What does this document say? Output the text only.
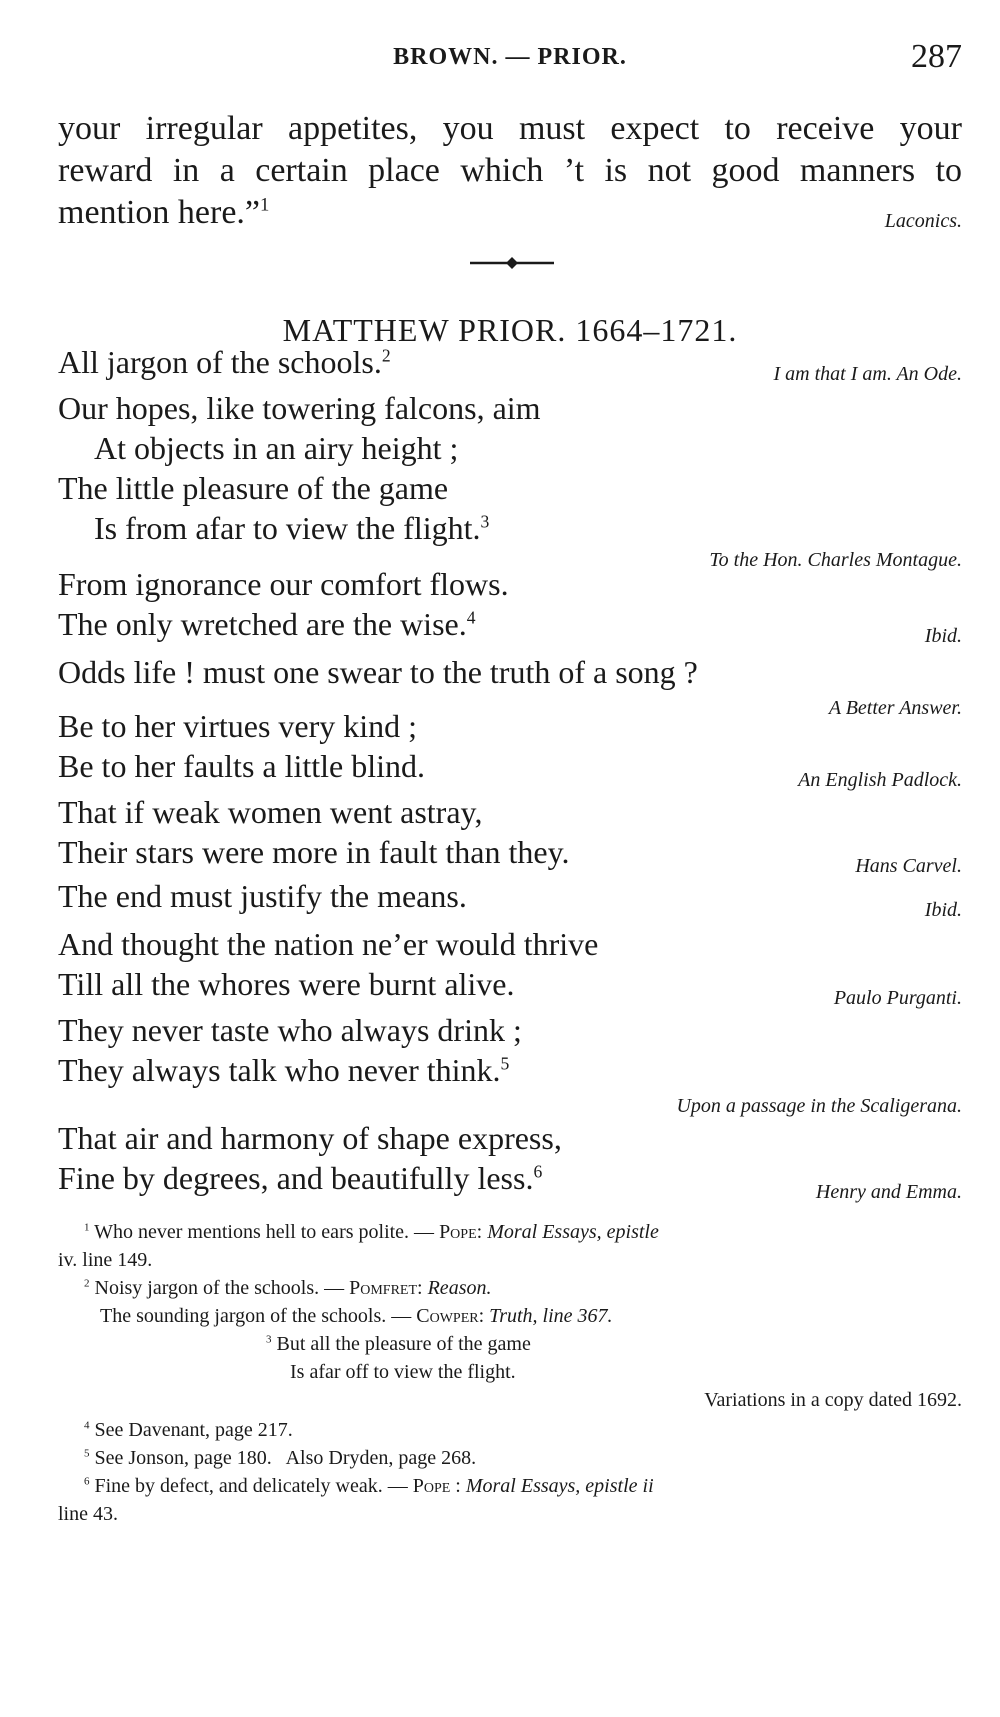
BROWN. — PRIOR.	287
your irregular appetites, you must expect to receive your
reward in a certain place which ’t is not good manners to
mention here.”$^1$
Laconics.
MATTHEW PRIOR. 1664–1721.
All jargon of the schools.$^2$
I am that I am. An Ode.
Our hopes, like towering falcons, aim
At objects in an airy height ;
The little pleasure of the game
Is from afar to view the flight.$^3$
To the Hon. Charles Montague.
From ignorance our comfort flows.
The only wretched are the wise.$^4$
Ibid.
Odds life ! must one swear to the truth of a song ?
A Better Answer.
Be to her virtues very kind ;
Be to her faults a little blind.	An English Padlock.
That if weak women went astray,
Their stars were more in fault than they.	Hans Carvel.
The end must justify the means.	Ibid.
And thought the nation ne’er would thrive
Till all the whores were burnt alive.	Paulo Purganti.
They never taste who always drink ;
They always talk who never think.$^5$
Upon a passage in the Scaligerana.
That air and harmony of shape express,
Fine by degrees, and beautifully less.$^6$
Henry and Emma.
$^1$ Who never mentions hell to ears polite. — Pope: Moral Essays, epistle
iv. line 149.
$^2$ Noisy jargon of the schools. — Pomfret: Reason.
The sounding jargon of the schools. — Cowper: Truth, line 367.
$^3$ But all the pleasure of the game
Is afar off to view the flight.
Variations in a copy dated 1692.
$^4$ See Davenant, page 217.
$^5$ See Jonson, page 180.   Also Dryden, page 268.
$^6$ Fine by defect, and delicately weak. — Pope : Moral Essays, epistle ii
line 43.
